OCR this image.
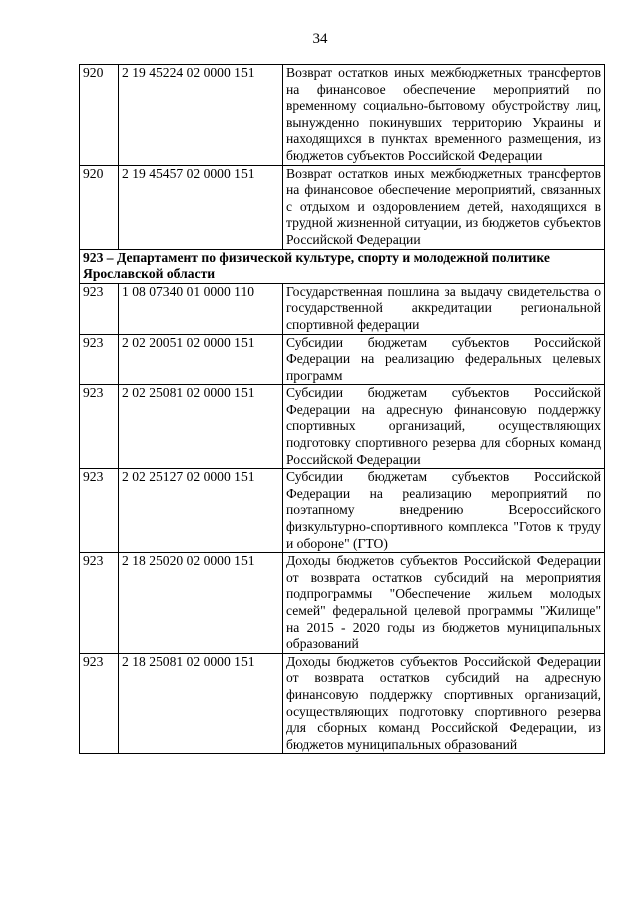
34
920	2 19 45224 02 0000 151	Возврат остатков иных межбюджетных трансфертов на финансовое обеспечение мероприятий по временному социально-бытовому обустройству лиц, вынужденно покинувших территорию Украины и находящихся в пунктах временного размещения, из бюджетов субъектов Российской Федерации
920	2 19 45457 02 0000 151	Возврат остатков иных межбюджетных трансфертов на финансовое обеспечение мероприятий, связанных с отдыхом и оздоровлением детей, находящихся в трудной жизненной ситуации, из бюджетов субъектов Российской Федерации
923 – Департамент по физической культуре, спорту и молодежной политике Ярославской области		
923	1 08 07340 01 0000 110	Государственная пошлина за выдачу свидетельства о государственной аккредитации региональной спортивной федерации
923	2 02 20051 02 0000 151	Субсидии бюджетам субъектов Российской Федерации на реализацию федеральных целевых программ
923	2 02 25081 02 0000 151	Субсидии бюджетам субъектов Российской Федерации на адресную финансовую поддержку спортивных организаций, осуществляющих подготовку спортивного резерва для сборных команд Российской Федерации
923	2 02 25127 02 0000 151	Субсидии бюджетам субъектов Российской Федерации на реализацию мероприятий по поэтапному внедрению Всероссийского физкультурно-спортивного комплекса "Готов к труду и обороне" (ГТО)
923	2 18 25020 02 0000 151	Доходы бюджетов субъектов Российской Федерации от возврата остатков субсидий на мероприятия подпрограммы "Обеспечение жильем молодых семей" федеральной целевой программы "Жилище" на 2015 - 2020 годы из бюджетов муниципальных образований
923	2 18 25081 02 0000 151	Доходы бюджетов субъектов Российской Федерации от возврата остатков субсидий на адресную финансовую поддержку спортивных организаций, осуществляющих подготовку спортивного резерва для сборных команд Российской Федерации, из бюджетов муниципальных образований
